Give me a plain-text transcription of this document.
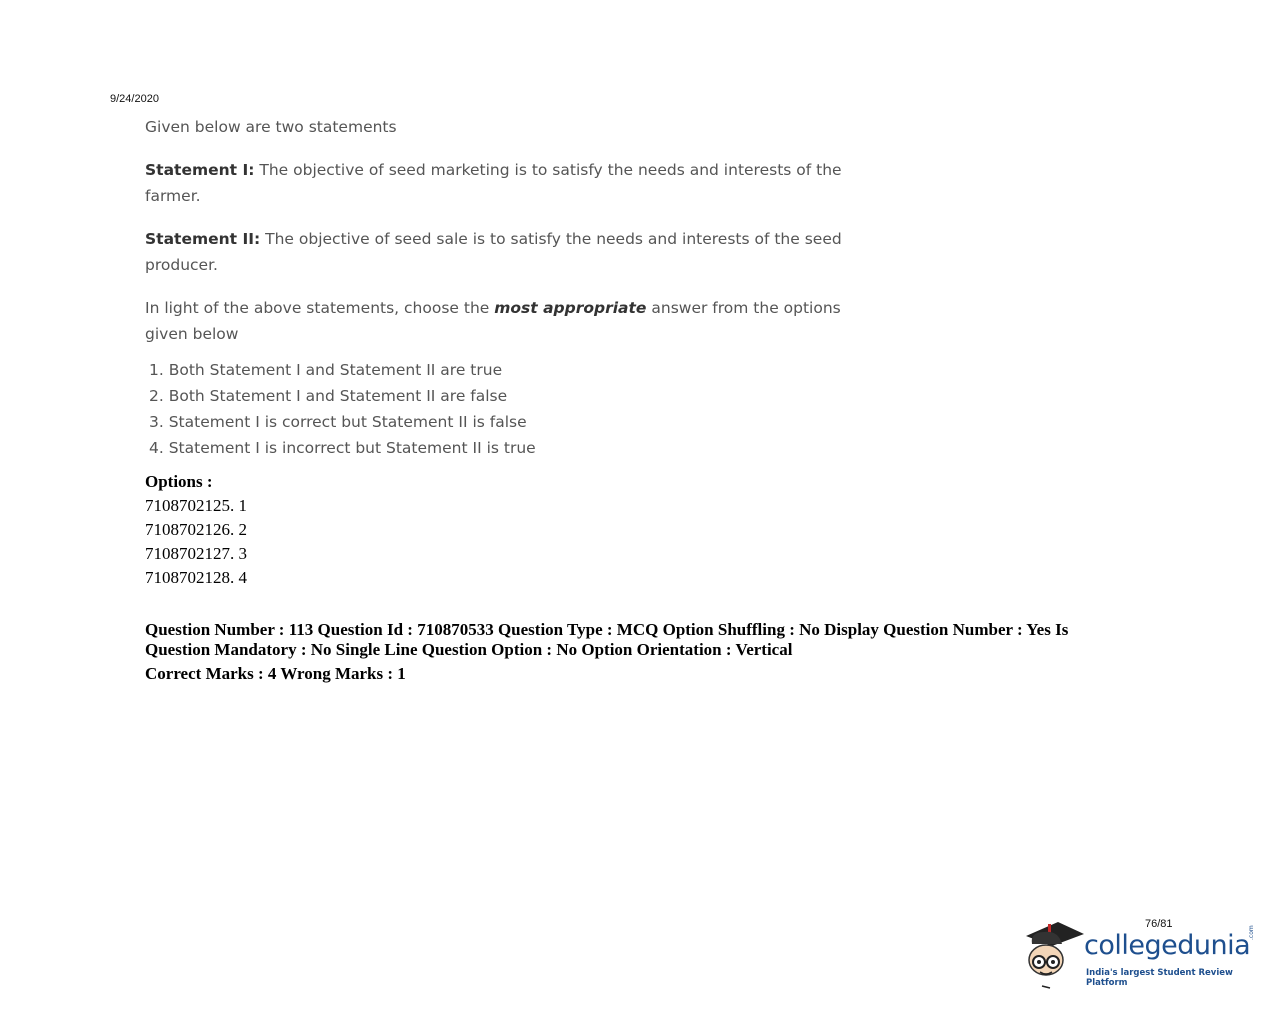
9/24/2020

Given below are two statements

Statement I: The objective of seed marketing is to satisfy the needs and interests of the farmer.

Statement II: The objective of seed sale is to satisfy the needs and interests of the seed producer.

In light of the above statements, choose the most appropriate answer from the options given below

1. Both Statement I and Statement II are true
2. Both Statement I and Statement II are false
3. Statement I is correct but Statement II is false
4. Statement I is incorrect but Statement II is true
Options :
7108702125. 1
7108702126. 2
7108702127. 3
7108702128. 4
Question Number : 113 Question Id : 710870533 Question Type : MCQ Option Shuffling : No Display Question Number : Yes Is Question Mandatory : No Single Line Question Option : No Option Orientation : Vertical
Correct Marks : 4 Wrong Marks : 1
76/81
collegedunia
.com
India's largest Student Review Platform
